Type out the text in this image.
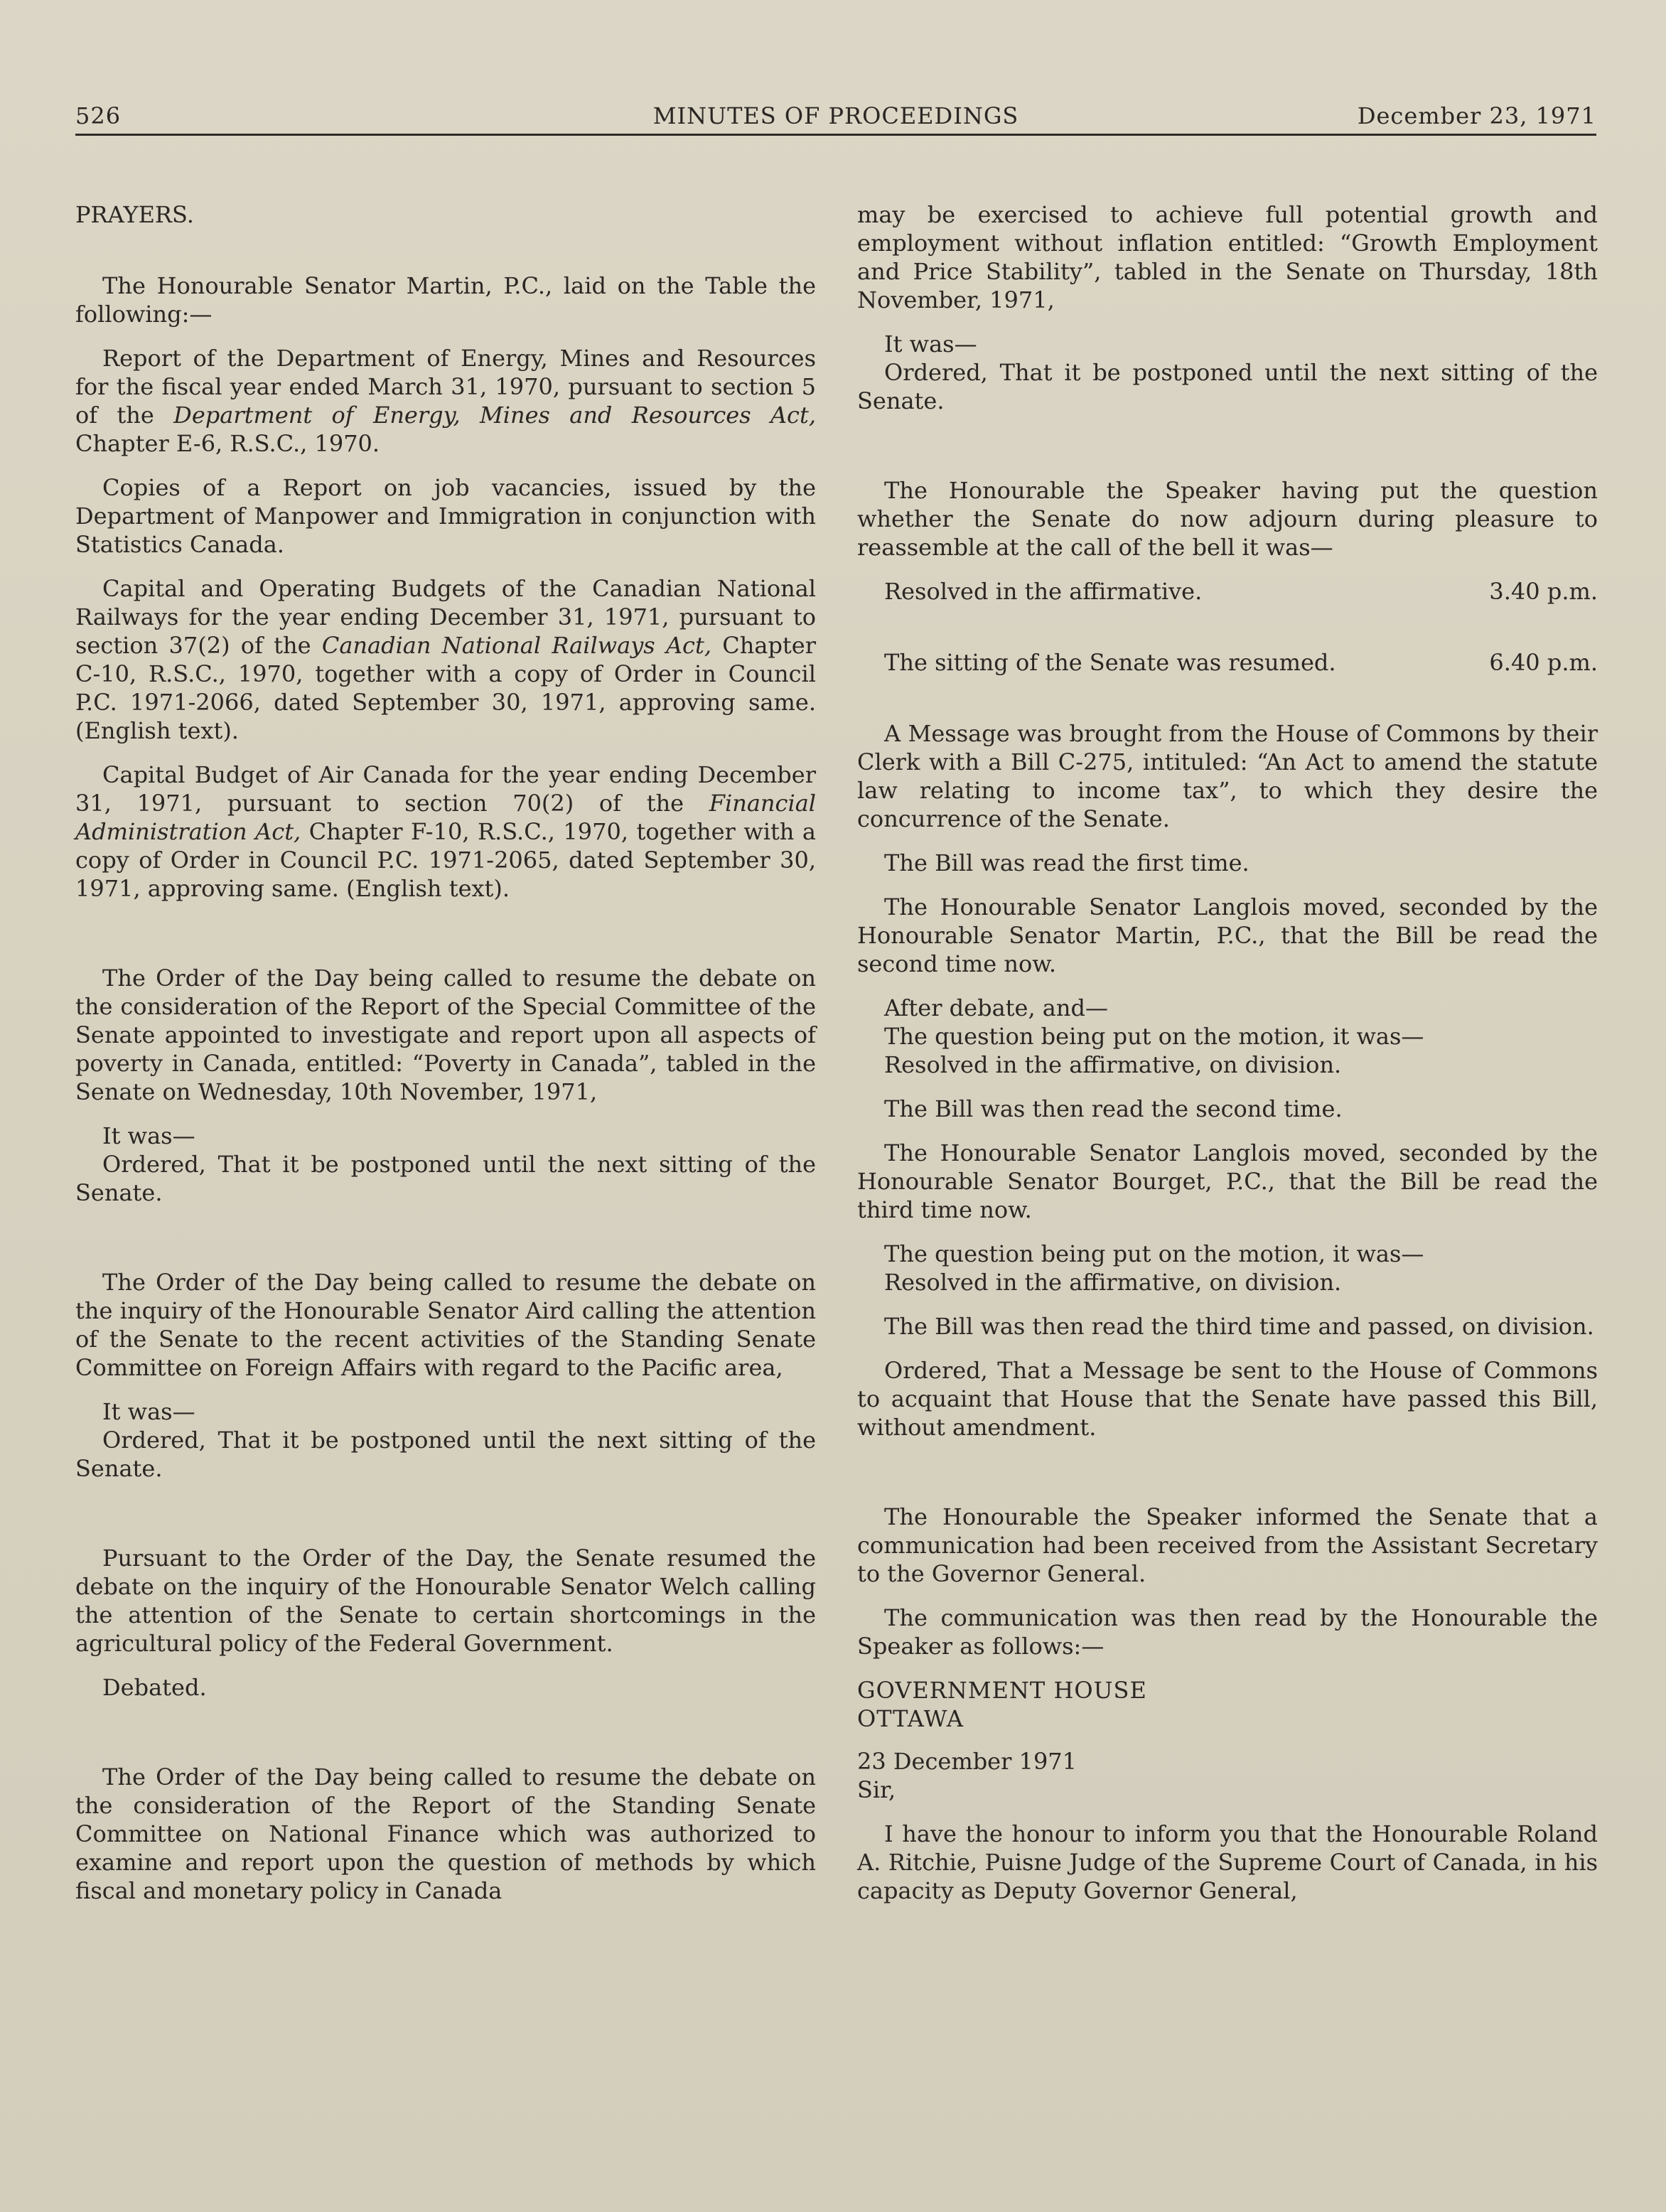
526	MINUTES OF PROCEEDINGS	December 23, 1971

PRAYERS.

The Honourable Senator Martin, P.C., laid on the Table the following:—

Report of the Department of Energy, Mines and Resources for the fiscal year ended March 31, 1970, pursuant to section 5 of the Department of Energy, Mines and Resources Act, Chapter E-6, R.S.C., 1970.

Copies of a Report on job vacancies, issued by the Department of Manpower and Immigration in conjunction with Statistics Canada.

Capital and Operating Budgets of the Canadian National Railways for the year ending December 31, 1971, pursuant to section 37(2) of the Canadian National Railways Act, Chapter C-10, R.S.C., 1970, together with a copy of Order in Council P.C. 1971-2066, dated September 30, 1971, approving same. (English text).

Capital Budget of Air Canada for the year ending December 31, 1971, pursuant to section 70(2) of the Financial Administration Act, Chapter F-10, R.S.C., 1970, together with a copy of Order in Council P.C. 1971-2065, dated September 30, 1971, approving same. (English text).

The Order of the Day being called to resume the debate on the consideration of the Report of the Special Committee of the Senate appointed to investigate and report upon all aspects of poverty in Canada, entitled: “Poverty in Canada”, tabled in the Senate on Wednesday, 10th November, 1971,

It was—

Ordered, That it be postponed until the next sitting of the Senate.

The Order of the Day being called to resume the debate on the inquiry of the Honourable Senator Aird calling the attention of the Senate to the recent activities of the Standing Senate Committee on Foreign Affairs with regard to the Pacific area,

It was—

Ordered, That it be postponed until the next sitting of the Senate.

Pursuant to the Order of the Day, the Senate resumed the debate on the inquiry of the Honourable Senator Welch calling the attention of the Senate to certain shortcomings in the agricultural policy of the Federal Government.

Debated.

The Order of the Day being called to resume the debate on the consideration of the Report of the Standing Senate Committee on National Finance which was authorized to examine and report upon the question of methods by which fiscal and monetary policy in Canada

may be exercised to achieve full potential growth and employment without inflation entitled: “Growth Employment and Price Stability”, tabled in the Senate on Thursday, 18th November, 1971,

It was—

Ordered, That it be postponed until the next sitting of the Senate.

The Honourable the Speaker having put the question whether the Senate do now adjourn during pleasure to reassemble at the call of the bell it was—

Resolved in the affirmative.	3.40 p.m.
The sitting of the Senate was resumed.	6.40 p.m.

A Message was brought from the House of Commons by their Clerk with a Bill C-275, intituled: “An Act to amend the statute law relating to income tax”, to which they desire the concurrence of the Senate.

The Bill was read the first time.

The Honourable Senator Langlois moved, seconded by the Honourable Senator Martin, P.C., that the Bill be read the second time now.

After debate, and—

The question being put on the motion, it was—

Resolved in the affirmative, on division.

The Bill was then read the second time.

The Honourable Senator Langlois moved, seconded by the Honourable Senator Bourget, P.C., that the Bill be read the third time now.

The question being put on the motion, it was—

Resolved in the affirmative, on division.

The Bill was then read the third time and passed, on division.

Ordered, That a Message be sent to the House of Commons to acquaint that House that the Senate have passed this Bill, without amendment.

The Honourable the Speaker informed the Senate that a communication had been received from the Assistant Secretary to the Governor General.

The communication was then read by the Honourable the Speaker as follows:—

GOVERNMENT HOUSE

OTTAWA

23 December 1971

Sir,

I have the honour to inform you that the Honourable Roland A. Ritchie, Puisne Judge of the Supreme Court of Canada, in his capacity as Deputy Governor General,
